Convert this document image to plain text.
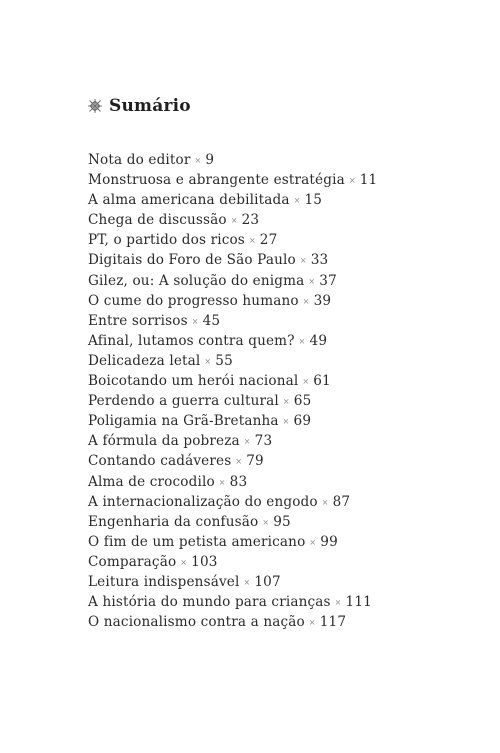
Sumário
Nota do editor × 9
Monstruosa e abrangente estratégia × 11
A alma americana debilitada × 15
Chega de discussão × 23
PT, o partido dos ricos × 27
Digitais do Foro de São Paulo × 33
Gilez, ou: A solução do enigma × 37
O cume do progresso humano × 39
Entre sorrisos × 45
Afinal, lutamos contra quem? × 49
Delicadeza letal × 55
Boicotando um herói nacional × 61
Perdendo a guerra cultural × 65
Poligamia na Grã-Bretanha × 69
A fórmula da pobreza × 73
Contando cadáveres × 79
Alma de crocodilo × 83
A internacionalização do engodo × 87
Engenharia da confusão × 95
O fim de um petista americano × 99
Comparação × 103
Leitura indispensável × 107
A história do mundo para crianças × 111
O nacionalismo contra a nação × 117
